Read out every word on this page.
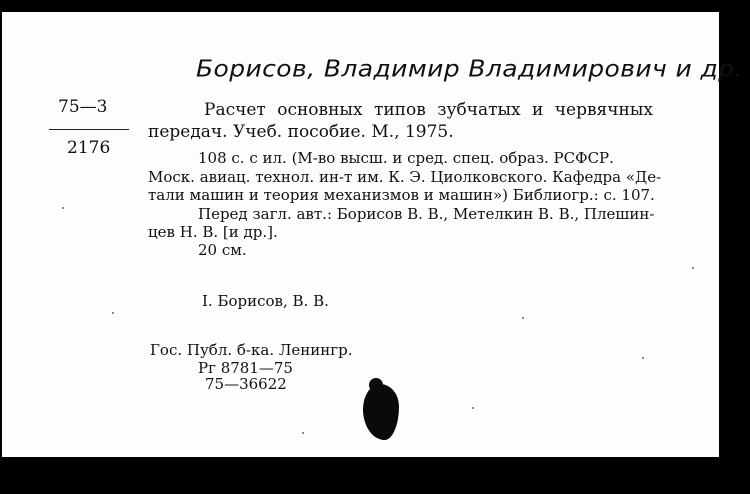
Борисов, Владимир Владимирович и др.
75—3
2176
Расчет основных типов зубчатых и червячных
передач. Учеб. пособие. М., 1975.
108 с. с ил. (М-во высш. и сред. спец. образ. РСФСР.
Моск. авиац. технол. ин-т им. К. Э. Циолковского. Кафедра «Де-
тали машин и теория механизмов и машин») Библиогр.: с. 107.
Перед загл. авт.: Борисов В. В., Метелкин В. В., Плешин-
цев Н. В. [и др.].
20 см.
I. Борисов, В. В.
Гос. Публ. б-ка. Ленингр.
Рг 8781—75
75—36622
